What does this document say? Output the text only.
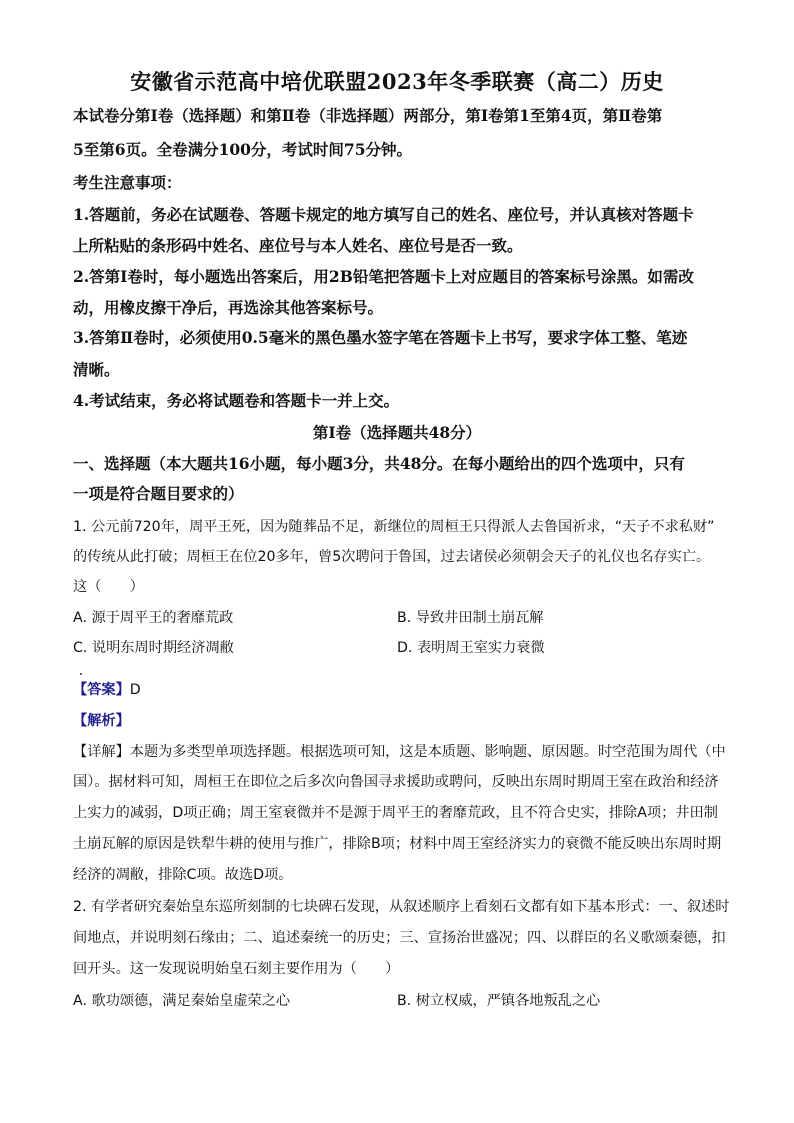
安徽省示范高中培优联盟2023年冬季联赛（高二）历史
本试卷分第Ⅰ卷（选择题）和第Ⅱ卷（非选择题）两部分，第Ⅰ卷第1至第4页，第Ⅱ卷第
5至第6页。全卷满分100分，考试时间75分钟。
考生注意事项：
1.答题前，务必在试题卷、答题卡规定的地方填写自己的姓名、座位号，并认真核对答题卡
上所粘贴的条形码中姓名、座位号与本人姓名、座位号是否一致。
2.答第Ⅰ卷时，每小题选出答案后，用2B铅笔把答题卡上对应题目的答案标号涂黑。如需改
动，用橡皮擦干净后，再选涂其他答案标号。
3.答第Ⅱ卷时，必须使用0.5毫米的黑色墨水签字笔在答题卡上书写，要求字体工整、笔迹
清晰。
4.考试结束，务必将试题卷和答题卡一并上交。
第Ⅰ卷（选择题共48分）
一、选择题（本大题共16小题，每小题3分，共48分。在每小题给出的四个选项中，只有
一项是符合题目要求的）
1. 公元前720年，周平王死，因为随葬品不足，新继位的周桓王只得派人去鲁国祈求，“天子不求私财”
的传统从此打破；周桓王在位20多年，曾5次聘问于鲁国，过去诸侯必须朝会天子的礼仪也名存实亡。
这（　　）
A. 源于周平王的奢靡荒政	B. 导致井田制土崩瓦解
C. 说明东周时期经济凋敝	D. 表明周王室实力衰微
【答案】D
【解析】
【详解】本题为多类型单项选择题。根据选项可知，这是本质题、影响题、原因题。时空范围为周代（中
国）。据材料可知，周桓王在即位之后多次向鲁国寻求援助或聘问，反映出东周时期周王室在政治和经济
上实力的减弱，D项正确；周王室衰微并不是源于周平王的奢靡荒政，且不符合史实，排除A项；井田制
土崩瓦解的原因是铁犁牛耕的使用与推广，排除B项；材料中周王室经济实力的衰微不能反映出东周时期
经济的凋敝，排除C项。故选D项。
2. 有学者研究秦始皇东巡所刻制的七块碑石发现，从叙述顺序上看刻石文都有如下基本形式：一、叙述时
间地点，并说明刻石缘由；二、追述秦统一的历史；三、宣扬治世盛况；四、以群臣的名义歌颂秦德，扣
回开头。这一发现说明始皇石刻主要作用为（　　）
A. 歌功颂德，满足秦始皇虚荣之心	B. 树立权威，严镇各地叛乱之心
